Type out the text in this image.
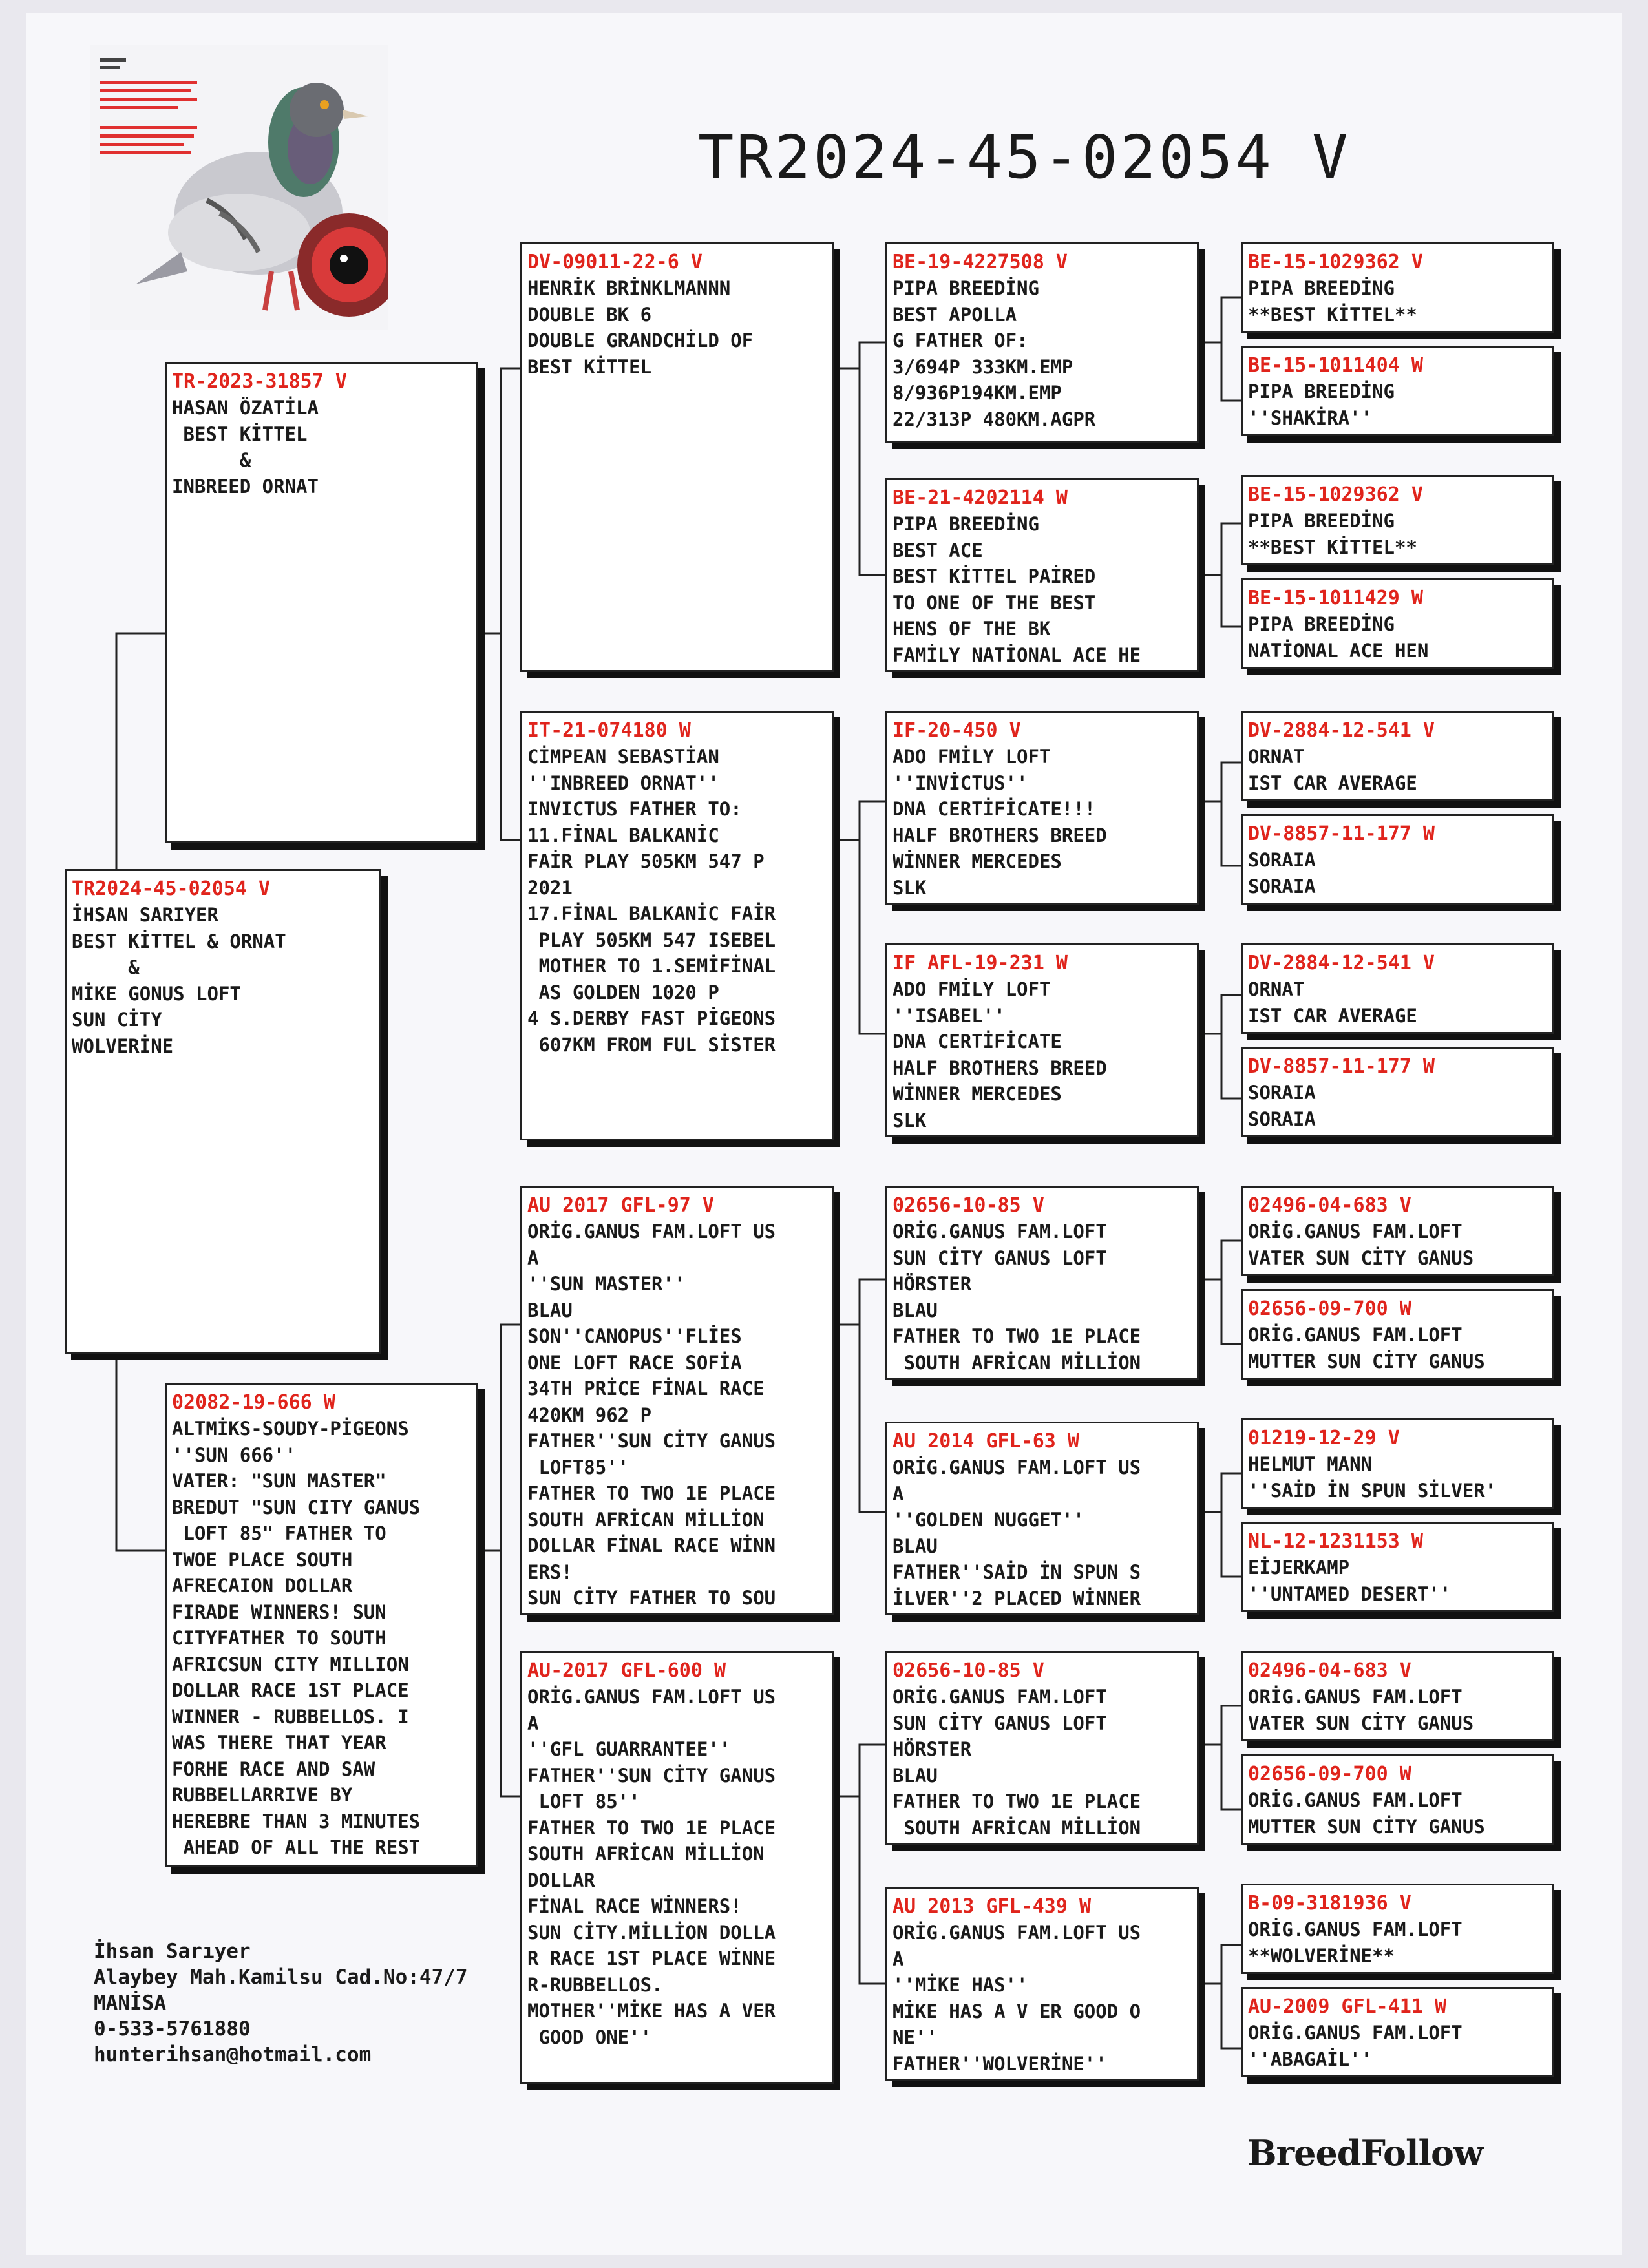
TR2024-45-02054 V
TR2024-45-02054 V
İHSAN SARIYER
BEST KİTTEL & ORNAT
&
MİKE GONUS LOFT
SUN CİTY
WOLVERİNE
TR-2023-31857 V
HASAN ÖZATİLA
BEST KİTTEL
&
INBREED ORNAT
02082-19-666 W
ALTMİKS-SOUDY-PİGEONS
''SUN 666''
VATER: "SUN MASTER"
BREDUT "SUN CITY GANUS
LOFT 85" FATHER TO
TWOE PLACE SOUTH
AFRECAION DOLLAR
FIRADE WINNERS! SUN
CITYFATHER TO SOUTH
AFRICSUN CITY MILLION
DOLLAR RACE 1ST PLACE
WINNER - RUBBELLOS. I
WAS THERE THAT YEAR
FORHE RACE AND SAW
RUBBELLARRIVE BY
HEREBRE THAN 3 MINUTES
AHEAD OF ALL THE REST
DV-09011-22-6 V
HENRİK BRİNKLMANNN
DOUBLE BK 6
DOUBLE GRANDCHİLD OF
BEST KİTTEL
IT-21-074180 W
CİMPEAN SEBASTİAN
''INBREED ORNAT''
INVICTUS FATHER TO:
11.FİNAL BALKANİC
FAİR PLAY 505KM 547 P
2021
17.FİNAL BALKANİC FAİR
PLAY 505KM 547 ISEBEL
MOTHER TO 1.SEMİFİNAL
AS GOLDEN 1020 P
4 S.DERBY FAST PİGEONS
607KM FROM FUL SİSTER
AU 2017 GFL-97 V
ORİG.GANUS FAM.LOFT US
A
''SUN MASTER''
BLAU
SON''CANOPUS''FLİES
ONE LOFT RACE SOFİA
34TH PRİCE FİNAL RACE
420KM 962 P
FATHER''SUN CİTY GANUS
LOFT85''
FATHER TO TWO 1E PLACE
SOUTH AFRİCAN MİLLİON
DOLLAR FİNAL RACE WİNN
ERS!
SUN CİTY FATHER TO SOU
AU-2017 GFL-600 W
ORİG.GANUS FAM.LOFT US
A
''GFL GUARRANTEE''
FATHER''SUN CİTY GANUS
LOFT 85''
FATHER TO TWO 1E PLACE
SOUTH AFRİCAN MİLLİON
DOLLAR
FİNAL RACE WİNNERS!
SUN CİTY.MİLLİON DOLLA
R RACE 1ST PLACE WİNNE
R-RUBBELLOS.
MOTHER''MİKE HAS A VER
GOOD ONE''
BE-19-4227508 V
PIPA BREEDİNG
BEST APOLLA
G FATHER OF:
3/694P 333KM.EMP
8/936P194KM.EMP
22/313P 480KM.AGPR
BE-21-4202114 W
PIPA BREEDİNG
BEST ACE
BEST KİTTEL PAİRED
TO ONE OF THE BEST
HENS OF THE BK
FAMİLY NATİONAL ACE HE
IF-20-450 V
ADO FMİLY LOFT
''INVİCTUS''
DNA CERTİFİCATE!!!
HALF BROTHERS BREED
WİNNER MERCEDES
SLK
IF AFL-19-231 W
ADO FMİLY LOFT
''ISABEL''
DNA CERTİFİCATE
HALF BROTHERS BREED
WİNNER MERCEDES
SLK
02656-10-85 V
ORİG.GANUS FAM.LOFT
SUN CİTY GANUS LOFT
HÖRSTER
BLAU
FATHER TO TWO 1E PLACE
SOUTH AFRİCAN MİLLİON
AU 2014 GFL-63 W
ORİG.GANUS FAM.LOFT US
A
''GOLDEN NUGGET''
BLAU
FATHER''SAİD İN SPUN S
İLVER''2 PLACED WİNNER
02656-10-85 V
ORİG.GANUS FAM.LOFT
SUN CİTY GANUS LOFT
HÖRSTER
BLAU
FATHER TO TWO 1E PLACE
SOUTH AFRİCAN MİLLİON
AU 2013 GFL-439 W
ORİG.GANUS FAM.LOFT US
A
''MİKE HAS''
MİKE HAS A V ER GOOD O
NE''
FATHER''WOLVERİNE''
BE-15-1029362 V
PIPA BREEDİNG
**BEST KİTTEL**
BE-15-1011404 W
PIPA BREEDİNG
''SHAKİRA''
BE-15-1029362 V
PIPA BREEDİNG
**BEST KİTTEL**
BE-15-1011429 W
PIPA BREEDİNG
NATİONAL ACE HEN
DV-2884-12-541 V
ORNAT
IST CAR AVERAGE
DV-8857-11-177 W
SORAIA
SORAIA
DV-2884-12-541 V
ORNAT
IST CAR AVERAGE
DV-8857-11-177 W
SORAIA
SORAIA
02496-04-683 V
ORİG.GANUS FAM.LOFT
VATER SUN CİTY GANUS
02656-09-700 W
ORİG.GANUS FAM.LOFT
MUTTER SUN CİTY GANUS
01219-12-29 V
HELMUT MANN
''SAİD İN SPUN SİLVER'
NL-12-1231153 W
EİJERKAMP
''UNTAMED DESERT''
02496-04-683 V
ORİG.GANUS FAM.LOFT
VATER SUN CİTY GANUS
02656-09-700 W
ORİG.GANUS FAM.LOFT
MUTTER SUN CİTY GANUS
B-09-3181936 V
ORİG.GANUS FAM.LOFT
**WOLVERİNE**
AU-2009 GFL-411 W
ORİG.GANUS FAM.LOFT
''ABAGAİL''
İhsan Sarıyer
Alaybey Mah.Kamilsu Cad.No:47/7
MANİSA
0-533-5761880
hunterihsan@hotmail.com
BreedFollow
